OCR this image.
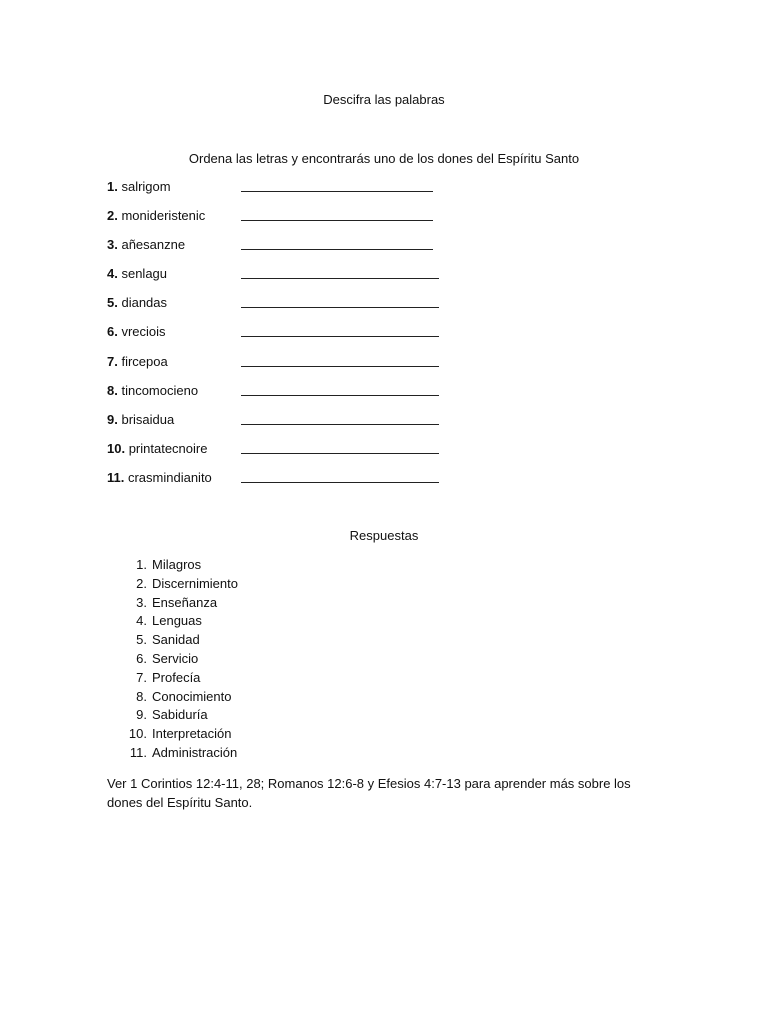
Descifra las palabras
Ordena las letras y encontrarás uno de los dones del Espíritu Santo
1. salrigom
2. monideristenic
3. añesanzne
4. senlagu
5. diandas
6. vreciois
7. fircepoa
8. tincomocieno
9. brisaidua
10. printatecnoire
11. crasmindianito
Respuestas
1. Milagros
2. Discernimiento
3. Enseñanza
4. Lenguas
5. Sanidad
6. Servicio
7. Profecía
8. Conocimiento
9. Sabiduría
10. Interpretación
11. Administración
Ver 1 Corintios 12:4-11, 28; Romanos 12:6-8 y Efesios 4:7-13 para aprender más sobre los dones del Espíritu Santo.
